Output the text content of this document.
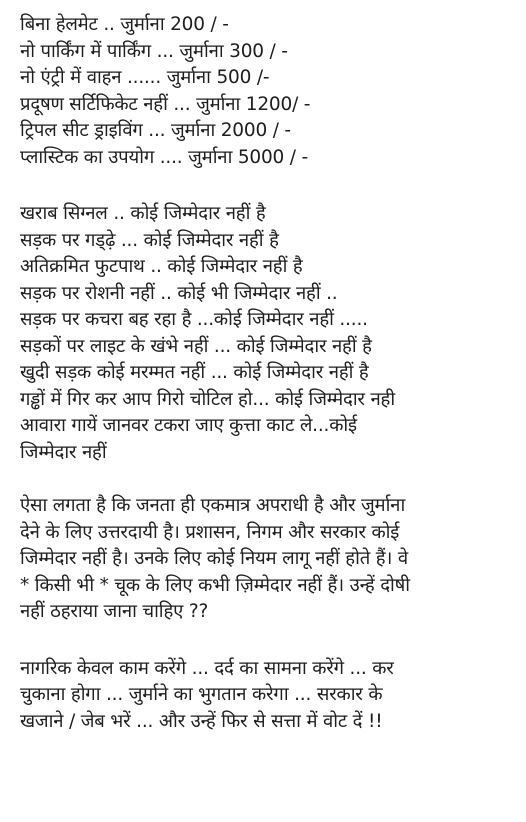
बिना हेलमेट .. जुर्माना 200 / -
नो पार्किंग में पार्किंग ... जुर्माना 300 / -
नो एंट्री में वाहन ...... जुर्माना 500 /-
प्रदूषण सर्टिफिकेट नहीं ... जुर्माना 1200/ -
ट्रिपल सीट ड्राइविंग ... जुर्माना 2000 / -
प्लास्टिक का उपयोग .... जुर्माना 5000 / -
खराब सिग्नल .. कोई जिम्मेदार नहीं है
सड़क पर गड्ढ़े ... कोई जिम्मेदार नहीं है
अतिक्रमित फुटपाथ .. कोई जिम्मेदार नहीं है
सड़क पर रोशनी नहीं .. कोई भी जिम्मेदार नहीं ..
सड़क पर कचरा बह रहा है ...कोई जिम्मेदार नहीं .....
सड़कों पर लाइट के खंभे नहीं ... कोई जिम्मेदार नहीं है
खुदी सड़क कोई मरम्मत नहीं ... कोई जिम्मेदार नहीं है
गड्ढों में गिर कर आप गिरो चोटिल हो... कोई जिम्मेदार नही
आवारा गायें जानवर टकरा जाए कुत्ता काट ले...कोई
जिम्मेदार नहीं
ऐसा लगता है कि जनता ही एकमात्र अपराधी है और जुर्माना
देने के लिए उत्तरदायी है। प्रशासन, निगम और सरकार कोई
जिम्मेदार नहीं है। उनके लिए कोई नियम लागू नहीं होते हैं। वे
* किसी भी * चूक के लिए कभी ज़िम्मेदार नहीं हैं। उन्हें दोषी
नहीं ठहराया जाना चाहिए ??
नागरिक केवल काम करेंगे ... दर्द का सामना करेंगे ... कर
चुकाना होगा ... जुर्माने का भुगतान करेगा ... सरकार के
खजाने / जेब भरें ... और उन्हें फिर से सत्ता में वोट दें !!
